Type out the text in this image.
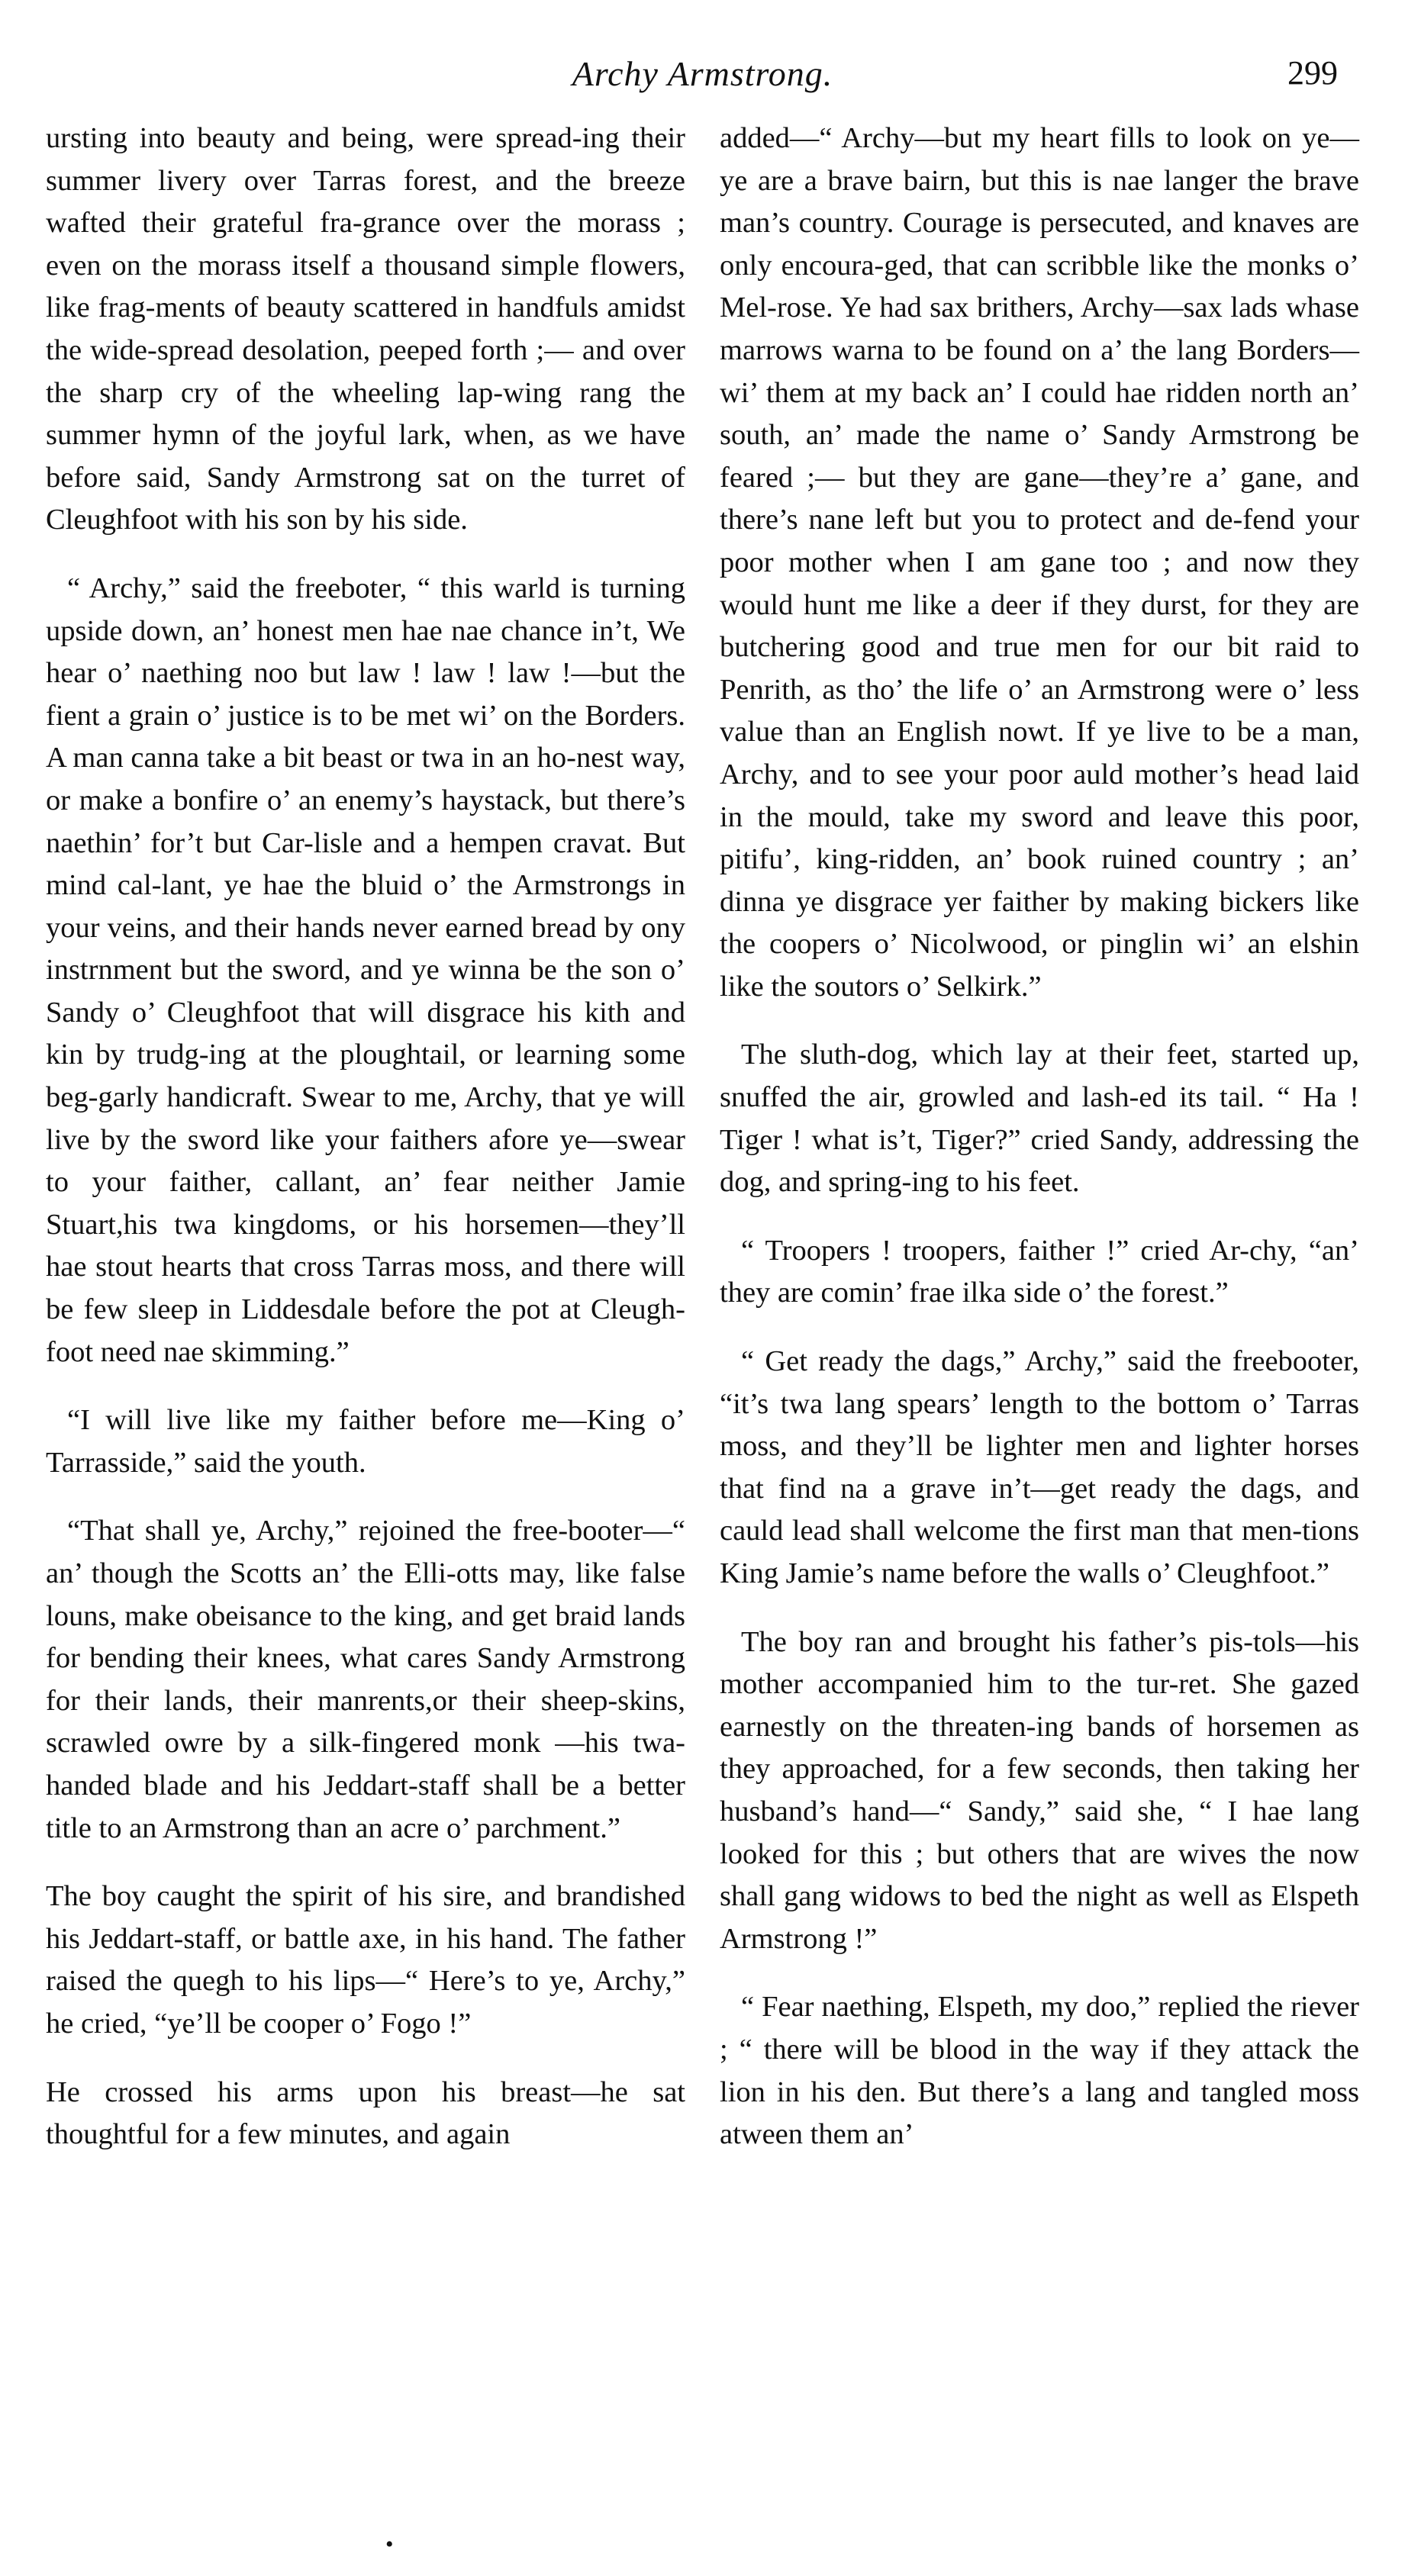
Archy Armstrong.	299

ursting into beauty and being, were spread-ing their summer livery over Tarras forest, and the breeze wafted their grateful fra-grance over the morass ; even on the morass itself a thousand simple flowers, like frag-ments of beauty scattered in handfuls amidst the wide-spread desolation, peeped forth ;— and over the sharp cry of the wheeling lap-wing rang the summer hymn of the joyful lark, when, as we have before said, Sandy Armstrong sat on the turret of Cleughfoot with his son by his side.

“ Archy,” said the freeboter, “ this warld is turning upside down, an’ honest men hae nae chance in’t, We hear o’ naething noo but law ! law ! law !—but the fient a grain o’ justice is to be met wi’ on the Borders. A man canna take a bit beast or twa in an ho-nest way, or make a bonfire o’ an enemy’s haystack, but there’s naethin’ for’t but Car-lisle and a hempen cravat. But mind cal-lant, ye hae the bluid o’ the Armstrongs in your veins, and their hands never earned bread by ony instrnment but the sword, and ye winna be the son o’ Sandy o’ Cleughfoot that will disgrace his kith and kin by trudg-ing at the ploughtail, or learning some beg-garly handicraft. Swear to me, Archy, that ye will live by the sword like your faithers afore ye—swear to your faither, callant, an’ fear neither Jamie Stuart,his twa kingdoms, or his horsemen—they’ll hae stout hearts that cross Tarras moss, and there will be few sleep in Liddesdale before the pot at Cleugh-foot need nae skimming.”

“I will live like my faither before me—King o’ Tarrasside,” said the youth.

“That shall ye, Archy,” rejoined the free-booter—“ an’ though the Scotts an’ the Elli-otts may, like false louns, make obeisance to the king, and get braid lands for bending their knees, what cares Sandy Armstrong for their lands, their manrents,or their sheep-skins, scrawled owre by a silk-fingered monk —his twa-handed blade and his Jeddart-staff shall be a better title to an Armstrong than an acre o’ parchment.”

The boy caught the spirit of his sire, and brandished his Jeddart-staff, or battle axe, in his hand. The father raised the quegh to his lips—“ Here’s to ye, Archy,” he cried, “ye’ll be cooper o’ Fogo !”

He crossed his arms upon his breast—he sat thoughtful for a few minutes, and again

added—“ Archy—but my heart fills to look on ye—ye are a brave bairn, but this is nae langer the brave man’s country. Courage is persecuted, and knaves are only encoura-ged, that can scribble like the monks o’ Mel-rose. Ye had sax brithers, Archy—sax lads whase marrows warna to be found on a’ the lang Borders—wi’ them at my back an’ I could hae ridden north an’ south, an’ made the name o’ Sandy Armstrong be feared ;— but they are gane—they’re a’ gane, and there’s nane left but you to protect and de-fend your poor mother when I am gane too ; and now they would hunt me like a deer if they durst, for they are butchering good and true men for our bit raid to Penrith, as tho’ the life o’ an Armstrong were o’ less value than an English nowt. If ye live to be a man, Archy, and to see your poor auld mother’s head laid in the mould, take my sword and leave this poor, pitifu’, king-ridden, an’ book ruined country ; an’ dinna ye disgrace yer faither by making bickers like the coopers o’ Nicolwood, or pinglin wi’ an elshin like the soutors o’ Selkirk.”

The sluth-dog, which lay at their feet, started up, snuffed the air, growled and lash-ed its tail. “ Ha ! Tiger ! what is’t, Tiger?” cried Sandy, addressing the dog, and spring-ing to his feet.

“ Troopers ! troopers, faither !” cried Ar-chy, “an’ they are comin’ frae ilka side o’ the forest.”

“ Get ready the dags,” Archy,” said the freebooter, “it’s twa lang spears’ length to the bottom o’ Tarras moss, and they’ll be lighter men and lighter horses that find na a grave in’t—get ready the dags, and cauld lead shall welcome the first man that men-tions King Jamie’s name before the walls o’ Cleughfoot.”

The boy ran and brought his father’s pis-tols—his mother accompanied him to the tur-ret. She gazed earnestly on the threaten-ing bands of horsemen as they approached, for a few seconds, then taking her husband’s hand—“ Sandy,” said she, “ I hae lang looked for this ; but others that are wives the now shall gang widows to bed the night as well as Elspeth Armstrong !”

“ Fear naething, Elspeth, my doo,” replied the riever ; “ there will be blood in the way if they attack the lion in his den. But there’s a lang and tangled moss atween them an’

•
